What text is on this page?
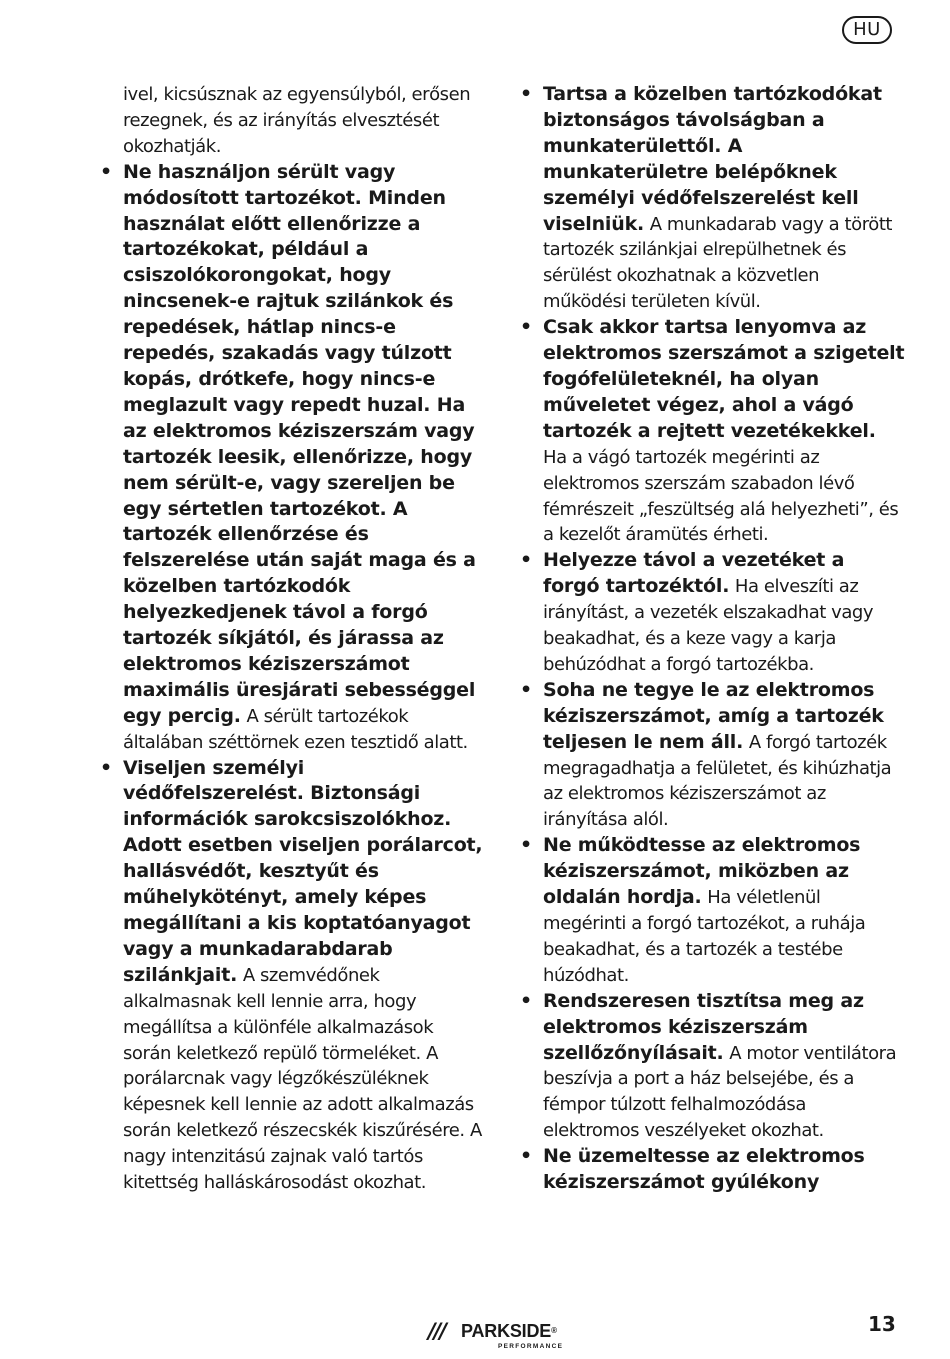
HU

ivel, kicsúsznak az egyensúlyból, erősen rezegnek, és az irányítás elvesztését okozhatják.

• Ne használjon sérült vagy módosított tartozékot. Minden használat előtt ellenőrizze a tartozékokat, például a csiszolókorongokat, hogy nincsenek-e rajtuk szilánkok és repedések, hátlap nincs-e repedés, szakadás vagy túlzott kopás, drótkefe, hogy nincs-e meglazult vagy repedt huzal. Ha az elektromos kéziszerszám vagy tartozék leesik, ellenőrizze, hogy nem sérült-e, vagy szereljen be egy sértetlen tartozékot. A tartozék ellenőrzése és felszerelése után saját maga és a közelben tartózkodók helyezkedjenek távol a forgó tartozék síkjától, és járassa az elektromos kéziszerszámot maximális üresjárati sebességgel egy percig. A sérült tartozékok általában széttörnek ezen tesztidő alatt.

• Viseljen személyi védőfelszerelést. Biztonsági információk sarokcsiszolókhoz. Adott esetben viseljen porálarcot, hallásvédőt, kesztyűt és műhelykötényt, amely képes megállítani a kis koptatóanyagot vagy a munkadarabdarab szilánkjait. A szemvédőnek alkalmasnak kell lennie arra, hogy megállítsa a különféle alkalmazások során keletkező repülő törmeléket. A porálarcnak vagy légzőkészüléknek képesnek kell lennie az adott alkalmazás során keletkező részecskék kiszűrésére. A nagy intenzitású zajnak való tartós kitettség halláskárosodást okozhat.

• Tartsa a közelben tartózkodókat biztonságos távolságban a munkaterülettől. A munkaterületre belépőknek személyi védőfelszerelést kell viselniük. A munkadarab vagy a törött tartozék szilánkjai elrepülhetnek és sérülést okozhatnak a közvetlen működési területen kívül.

• Csak akkor tartsa lenyomva az elektromos szerszámot a szigetelt fogófelületeknél, ha olyan műveletet végez, ahol a vágó tartozék a rejtett vezetékekkel. Ha a vágó tartozék megérinti az elektromos szerszám szabadon lévő fémrészeit „feszültség alá helyezheti”, és a kezelőt áramütés érheti.

• Helyezze távol a vezetéket a forgó tartozéktól. Ha elveszíti az irányítást, a vezeték elszakadhat vagy beakadhat, és a keze vagy a karja behúzódhat a forgó tartozékba.

• Soha ne tegye le az elektromos kéziszerszámot, amíg a tartozék teljesen le nem áll. A forgó tartozék megragadhatja a felületet, és kihúzhatja az elektromos kéziszerszámot az irányítása alól.

• Ne működtesse az elektromos kéziszerszámot, miközben az oldalán hordja. Ha véletlenül megérinti a forgó tartozékot, a ruhája beakadhat, és a tartozék a testébe húzódhat.

• Rendszeresen tisztítsa meg az elektromos kéziszerszám szellőzőnyílásait. A motor ventilátora beszívja a port a ház belsejébe, és a fémpor túlzott felhalmozódása elektromos veszélyeket okozhat.

• Ne üzemeltesse az elektromos kéziszerszámot gyúlékony

/// PARKSIDE®
PERFORMANCE
13
